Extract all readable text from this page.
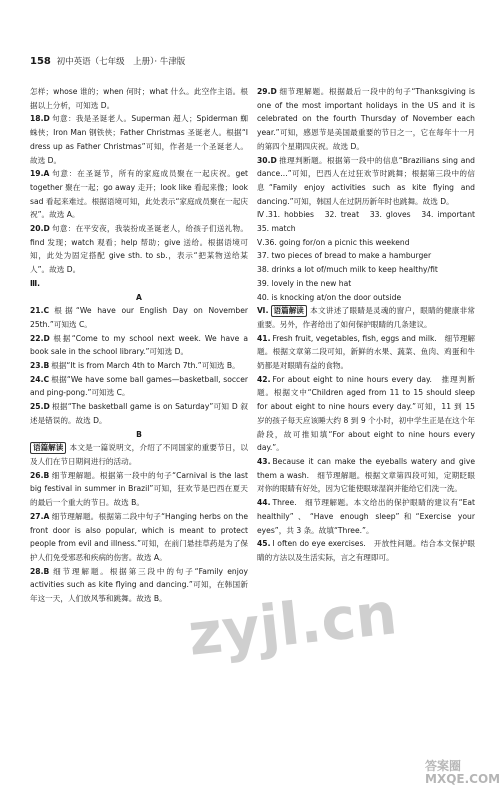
158 初中英语（七年级　上册）· 牛津版

怎样；whose 谁的；when 何时；what 什么。此空作主语。根据以上分析，可知选 D。

18.D 句意：我是圣诞老人。Superman 超人；Spiderman 蜘蛛侠；Iron Man 钢铁侠；Father Christmas 圣诞老人。根据“I dress up as Father Christmas”可知，作者是一个圣诞老人。故选 D。

19.A 句意：在圣诞节，所有的家庭成员聚在一起庆祝。get together 聚在一起；go away 走开；look like 看起来像；look sad 看起来难过。根据语境可知，此处表示“家庭成员聚在一起庆祝”。故选 A。

20.D 句意：在平安夜，我装扮成圣诞老人，给孩子们送礼物。find 发现；watch 观看；help 帮助；give 送给。根据语境可知，此处为固定搭配 give sth. to sb.，表示“把某物送给某人”。故选 D。

Ⅲ.

A

21.C 根据“We have our English Day on November 25th.”可知选 C。

22.D 根据“Come to my school next week. We have a book sale in the school library.”可知选 D。

23.B 根据“It is from March 4th to March 7th.”可知选 B。

24.C 根据“We have some ball games—basketball, soccer and ping-pong.”可知选 C。

25.D 根据“The basketball game is on Saturday”可知 D 叙述是错误的。故选 D。

B

语篇解读 本文是一篇说明文，介绍了不同国家的重要节日，以及人们在节日期间进行的活动。

26.B 细节理解题。根据第一段中的句子“Carnival is the last big festival in summer in Brazil”可知，狂欢节是巴西在夏天的最后一个重大的节日。故选 B。

27.A 细节理解题。根据第二段中句子“Hanging herbs on the front door is also popular, which is meant to protect people from evil and illness.”可知，在前门悬挂草药是为了保护人们免受邪恶和疾病的伤害。故选 A。

28.B 细节理解题。根据第三段中的句子“Family enjoy activities such as kite flying and dancing.”可知，在韩国新年这一天，人们放风筝和跳舞。故选 B。

29.D 细节理解题。根据最后一段中的句子“Thanksgiving is one of the most important holidays in the US and it is celebrated on the fourth Thursday of November each year.”可知，感恩节是美国最重要的节日之一，它在每年十一月的第四个星期四庆祝。故选 D。

30.D 推理判断题。根据第一段中的信息“Brazilians sing and dance…”可知，巴西人在过狂欢节时跳舞；根据第三段中的信息“Family enjoy activities such as kite flying and dancing.”可知，韩国人在过阴历新年时也跳舞。故选 D。

Ⅳ.31. hobbies　32. treat　33. gloves　34. important　35. match

Ⅴ.36. going for/on a picnic this weekend

37. two pieces of bread to make a hamburger

38. drinks a lot of/much milk to keep healthy/fit

39. lovely in the new hat

40. is knocking at/on the door outside

Ⅵ. 语篇解读 本文讲述了眼睛是灵魂的窗户，眼睛的健康非常重要。另外，作者给出了如何保护眼睛的几条建议。

41. Fresh fruit, vegetables, fish, eggs and milk.　细节理解题。根据文章第二段可知，新鲜的水果、蔬菜、鱼肉、鸡蛋和牛奶都是对眼睛有益的食物。

42. For about eight to nine hours every day.　推理判断题。根据文中“Children aged from 11 to 15 should sleep for about eight to nine hours every day.”可知，11 到 15 岁的孩子每天应该睡大约 8 到 9 个小时，初中学生正是在这个年龄段，故可推知填“For about eight to nine hours every day.”。

43. Because it can make the eyeballs watery and give them a wash.　细节理解题。根据文章第四段可知，定期眨眼对你的眼睛有好处，因为它能使眼球湿润并能给它们洗一洗。

44. Three.　细节理解题。本文给出的保护眼睛的建议有“Eat healthily”、“Have enough sleep”和“Exercise your eyes”，共 3 条。故填“Three.”。

45. I often do eye exercises.　开放性问题。结合本文保护眼睛的方法以及生活实际，言之有理即可。

zyjl.cn
答案圈
MXQE.COM
